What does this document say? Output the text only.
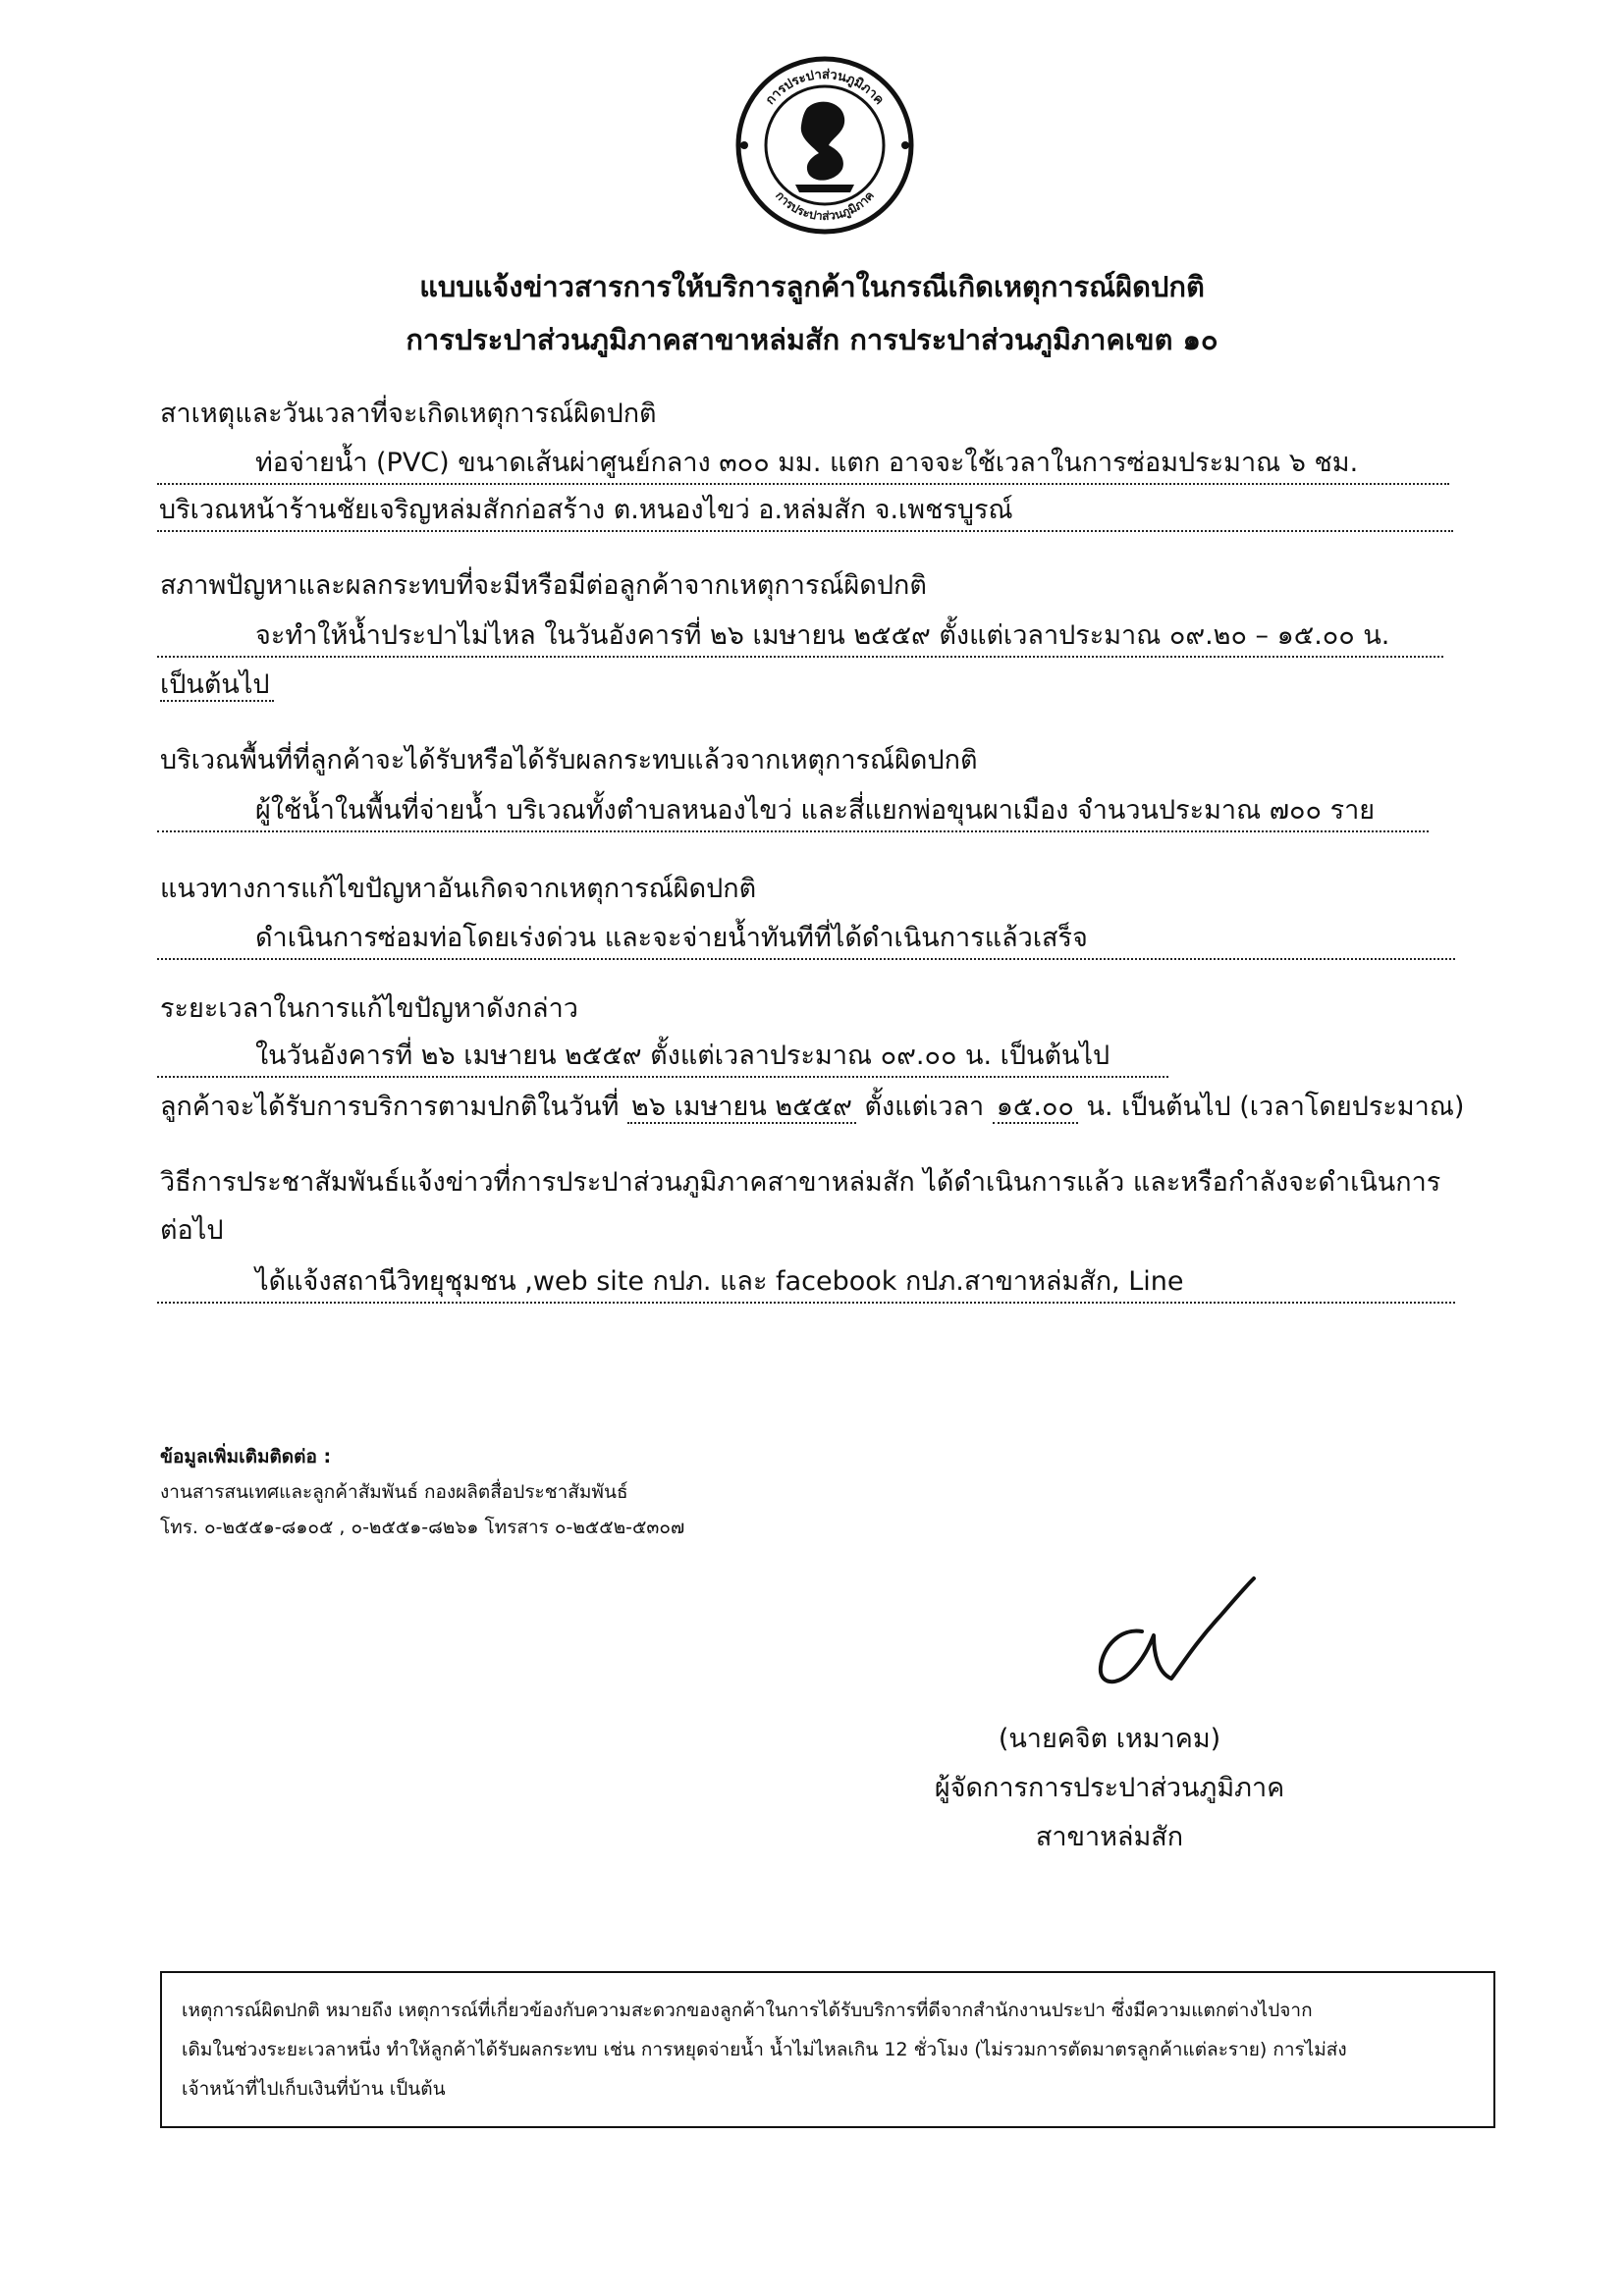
การประปาส่วนภูมิภาค
การประปาส่วนภูมิภาค
แบบแจ้งข่าวสารการให้บริการลูกค้าในกรณีเกิดเหตุการณ์ผิดปกติ
การประปาส่วนภูมิภาคสาขาหล่มสัก การประปาส่วนภูมิภาคเขต ๑๐
สาเหตุและวันเวลาที่จะเกิดเหตุการณ์ผิดปกติ
ท่อจ่ายน้ำ (PVC) ขนาดเส้นผ่าศูนย์กลาง ๓๐๐ มม. แตก อาจจะใช้เวลาในการซ่อมประมาณ ๖ ชม.
บริเวณหน้าร้านชัยเจริญหล่มสักก่อสร้าง ต.หนองไขว่ อ.หล่มสัก จ.เพชรบูรณ์
สภาพปัญหาและผลกระทบที่จะมีหรือมีต่อลูกค้าจากเหตุการณ์ผิดปกติ
จะทำให้น้ำประปาไม่ไหล ในวันอังคารที่ ๒๖ เมษายน ๒๕๕๙ ตั้งแต่เวลาประมาณ ๐๙.๒๐ – ๑๕.๐๐ น.
เป็นต้นไป
บริเวณพื้นที่ที่ลูกค้าจะได้รับหรือได้รับผลกระทบแล้วจากเหตุการณ์ผิดปกติ
ผู้ใช้น้ำในพื้นที่จ่ายน้ำ บริเวณทั้งตำบลหนองไขว่ และสี่แยกพ่อขุนผาเมือง จำนวนประมาณ ๗๐๐ ราย
แนวทางการแก้ไขปัญหาอันเกิดจากเหตุการณ์ผิดปกติ
ดำเนินการซ่อมท่อโดยเร่งด่วน และจะจ่ายน้ำทันทีที่ได้ดำเนินการแล้วเสร็จ
ระยะเวลาในการแก้ไขปัญหาดังกล่าว
ในวันอังคารที่ ๒๖ เมษายน ๒๕๕๙ ตั้งแต่เวลาประมาณ ๐๙.๐๐ น. เป็นต้นไป
ลูกค้าจะได้รับการบริการตามปกติในวันที่ ๒๖ เมษายน ๒๕๕๙ ตั้งแต่เวลา ๑๕.๐๐ น. เป็นต้นไป (เวลาโดยประมาณ)
วิธีการประชาสัมพันธ์แจ้งข่าวที่การประปาส่วนภูมิภาคสาขาหล่มสัก ได้ดำเนินการแล้ว และหรือกำลังจะดำเนินการ
ต่อไป
ได้แจ้งสถานีวิทยุชุมชน ,web site กปภ. และ facebook กปภ.สาขาหล่มสัก, Line
ข้อมูลเพิ่มเติมติดต่อ :
งานสารสนเทศและลูกค้าสัมพันธ์ กองผลิตสื่อประชาสัมพันธ์
โทร. ๐-๒๕๕๑-๘๑๐๕ , ๐-๒๕๕๑-๘๒๖๑ โทรสาร ๐-๒๕๕๒-๕๓๐๗
(นายคจิต เหมาคม)
ผู้จัดการการประปาส่วนภูมิภาค
สาขาหล่มสัก
เหตุการณ์ผิดปกติ หมายถึง เหตุการณ์ที่เกี่ยวข้องกับความสะดวกของลูกค้าในการได้รับบริการที่ดีจากสำนักงานประปา ซึ่งมีความแตกต่างไปจาก
เดิมในช่วงระยะเวลาหนึ่ง ทำให้ลูกค้าได้รับผลกระทบ เช่น การหยุดจ่ายน้ำ น้ำไม่ไหลเกิน 12 ชั่วโมง (ไม่รวมการตัดมาตรลูกค้าแต่ละราย) การไม่ส่ง
เจ้าหน้าที่ไปเก็บเงินที่บ้าน เป็นต้น
